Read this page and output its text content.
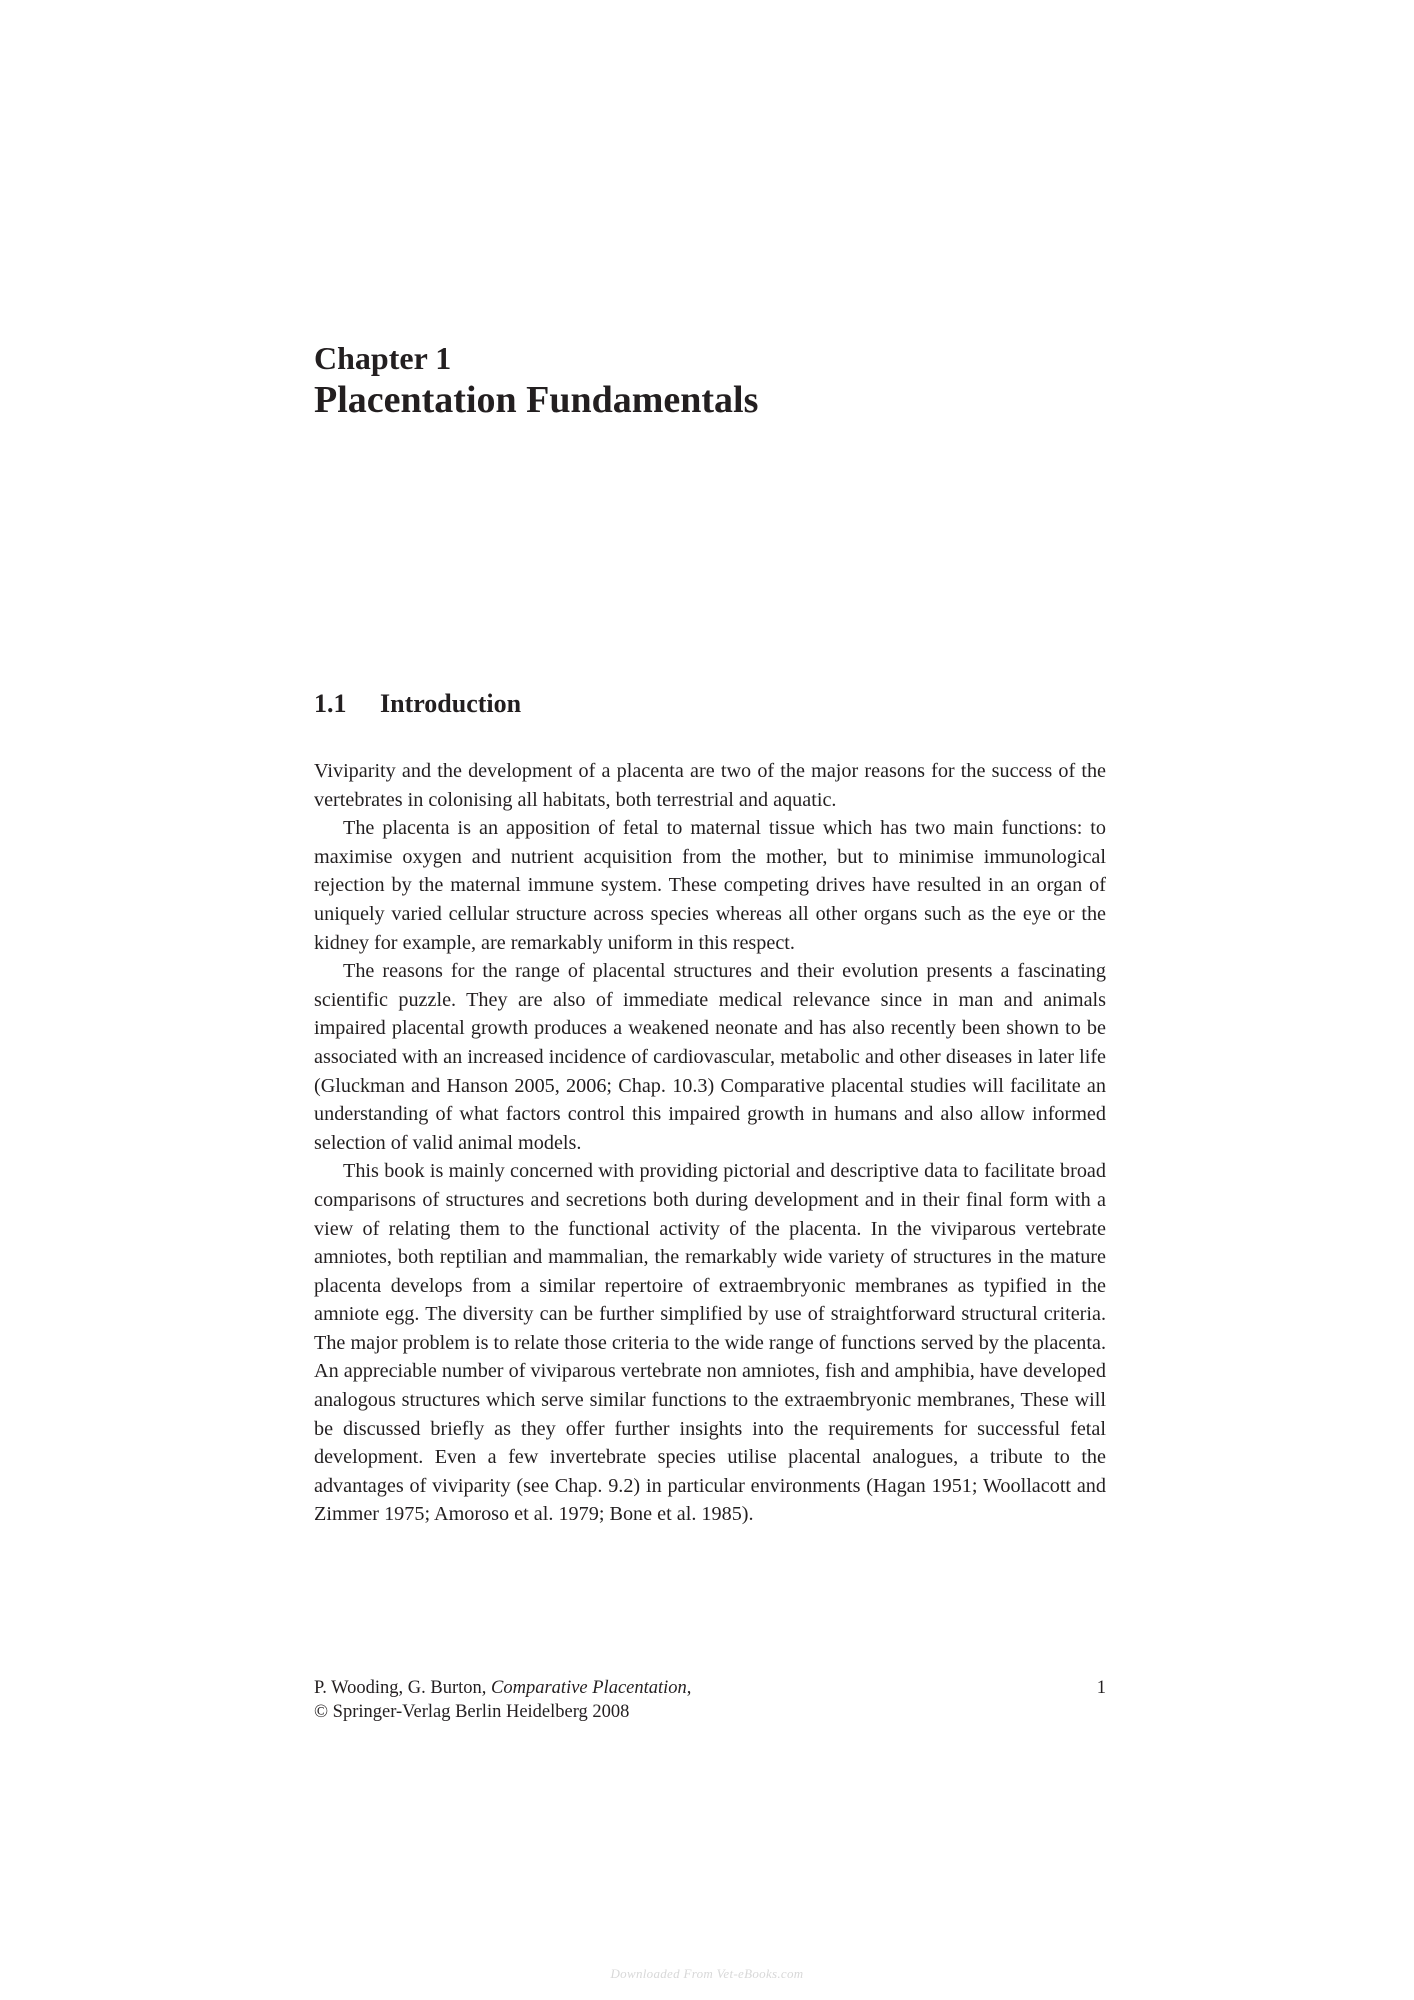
Chapter 1
Placentation Fundamentals
1.1 Introduction

Viviparity and the development of a placenta are two of the major reasons for the success of the vertebrates in colonising all habitats, both terrestrial and aquatic.

The placenta is an apposition of fetal to maternal tissue which has two main functions: to maximise oxygen and nutrient acquisition from the mother, but to minimise immunological rejection by the maternal immune system. These competing drives have resulted in an organ of uniquely varied cellular structure across species whereas all other organs such as the eye or the kidney for example, are remarkably uniform in this respect.

The reasons for the range of placental structures and their evolution presents a fascinating scientific puzzle. They are also of immediate medical relevance since in man and animals impaired placental growth produces a weakened neonate and has also recently been shown to be associated with an increased incidence of cardiovascular, metabolic and other diseases in later life (Gluckman and Hanson 2005, 2006; Chap. 10.3) Comparative placental studies will facilitate an understanding of what factors control this impaired growth in humans and also allow informed selection of valid animal models.

This book is mainly concerned with providing pictorial and descriptive data to facilitate broad comparisons of structures and secretions both during development and in their final form with a view of relating them to the functional activity of the placenta. In the viviparous vertebrate amniotes, both reptilian and mammalian, the remarkably wide variety of structures in the mature placenta develops from a similar repertoire of extraembryonic membranes as typified in the amniote egg. The diversity can be further simplified by use of straightforward structural criteria. The major problem is to relate those criteria to the wide range of functions served by the placenta. An appreciable number of viviparous vertebrate non amniotes, fish and amphibia, have developed analogous structures which serve similar functions to the extraembryonic membranes, These will be discussed briefly as they offer further insights into the requirements for successful fetal development. Even a few invertebrate species utilise placental analogues, a tribute to the advantages of viviparity (see Chap. 9.2) in particular environments (Hagan 1951; Woollacott and Zimmer 1975; Amoroso et al. 1979; Bone et al. 1985).

P. Wooding, G. Burton, Comparative Placentation,
© Springer-Verlag Berlin Heidelberg 2008
1
Downloaded From Vet-eBooks.com
